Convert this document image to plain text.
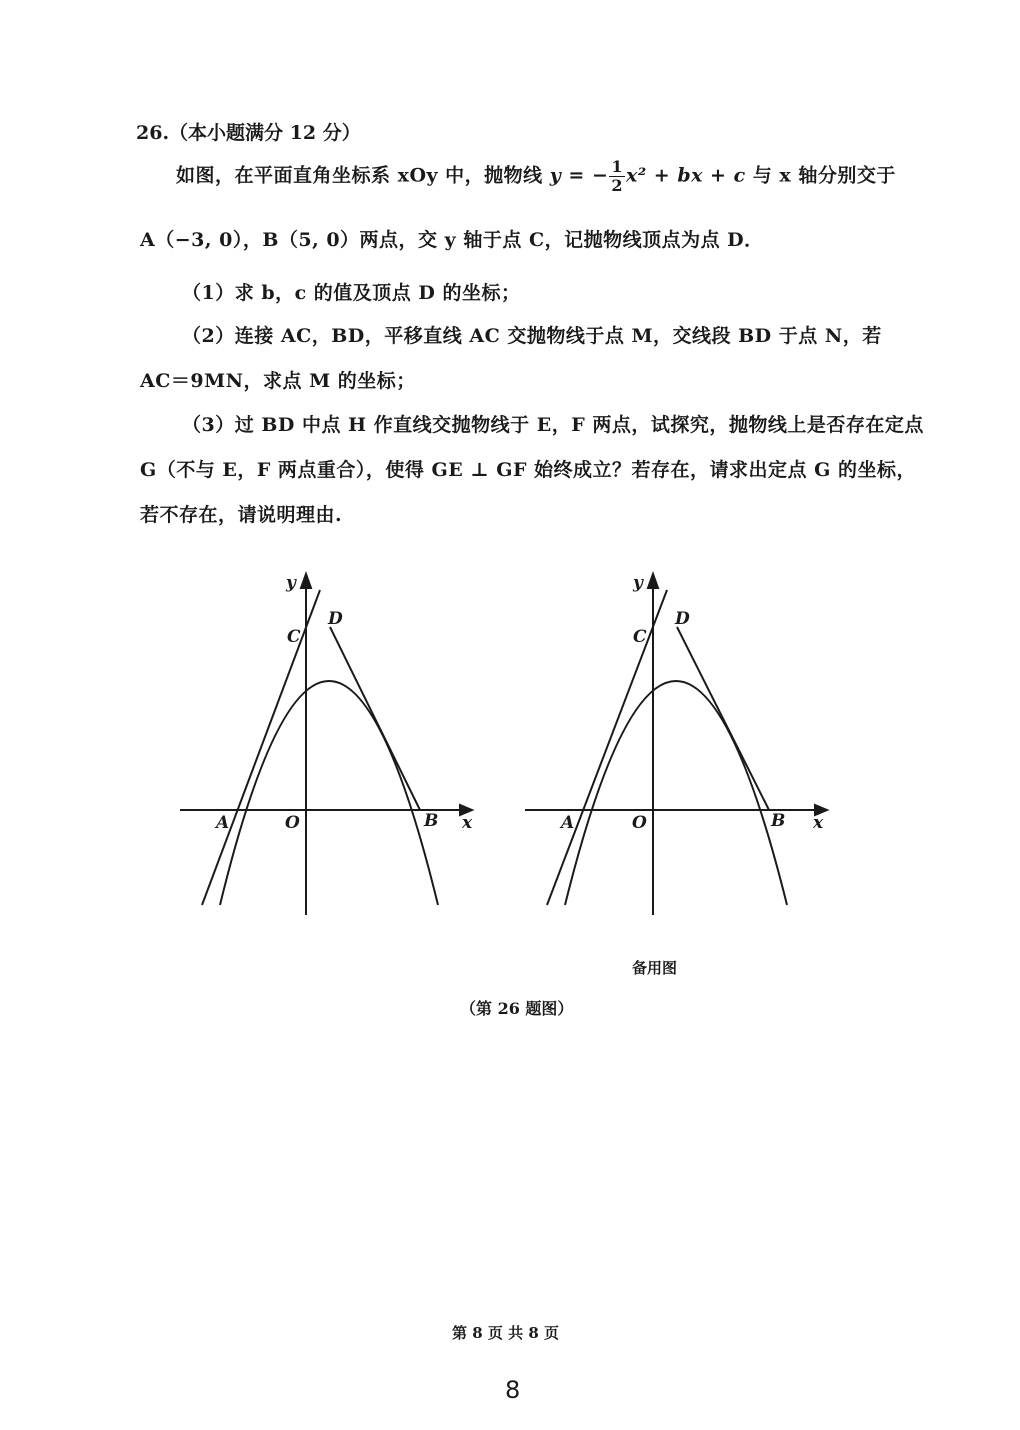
26.（本小题满分 12 分）
如图，在平面直角坐标系 xOy 中，抛物线 y = − $\frac{1}{2} x^2$ + bx + c 与 x 轴分别交于
A（−3, 0），B（5, 0）两点，交 y 轴于点 C，记抛物线顶点为点 D．
（1）求 b，c 的值及顶点 D 的坐标；
（2）连接 AC，BD，平移直线 AC 交抛物线于点 M，交线段 BD 于点 N，若
AC＝9MN，求点 M 的坐标；
（3）过 BD 中点 H 作直线交抛物线于 E，F 两点，试探究，抛物线上是否存在定点
G（不与 E，F 两点重合），使得 GE ⊥ GF 始终成立？若存在，请求出定点 G 的坐标，
若不存在，请说明理由.
y
x
A	O	B
C
D
y
x
A	O	B
C
D
备用图
（第 26 题图）
第 8 页 共 8 页
8
